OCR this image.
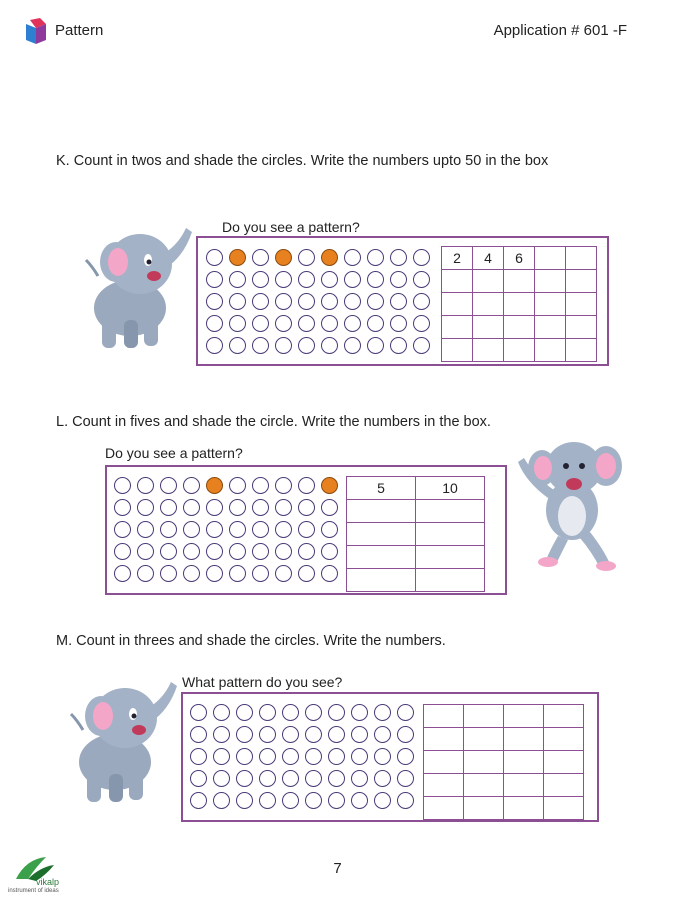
Pattern	Application # 601 -F
K. Count in twos and shade the circles. Write the numbers upto 50 in the box
Do you see a pattern?
2	4	6		

L. Count in fives and shade the circle. Write the numbers in the box.
Do you see a pattern?
5	10

M. Count in threes and shade the circles. Write the numbers.
What pattern do you see?

7
vikalp
instrument of ideas
